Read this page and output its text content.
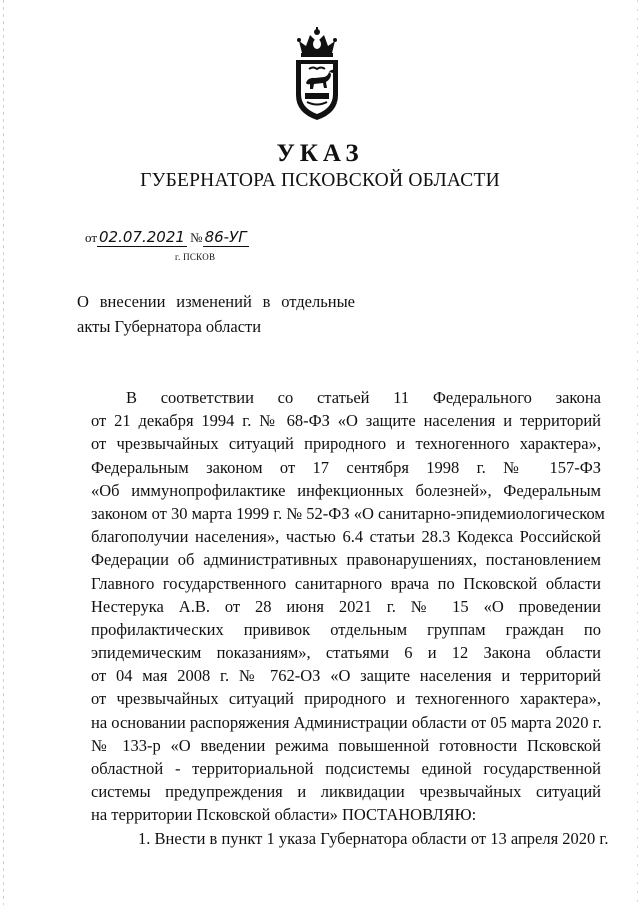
УКАЗ
ГУБЕРНАТОРА ПСКОВСКОЙ ОБЛАСТИ
от 02.07.2021 № 86-УГ
г. ПСКОВ
О внесении изменений в отдельные
акты Губернатора области
В соответствии со статьей 11 Федерального закона
от 21 декабря 1994 г. № 68-ФЗ «О защите населения и территорий
от чрезвычайных ситуаций природного и техногенного характера»,
Федеральным законом от 17 сентября 1998 г. № 157-ФЗ
«Об иммунопрофилактике инфекционных болезней», Федеральным
законом от 30 марта 1999 г. № 52-ФЗ «О санитарно-эпидемиологическом
благополучии населения», частью 6.4 статьи 28.3 Кодекса Российской
Федерации об административных правонарушениях, постановлением
Главного государственного санитарного врача по Псковской области
Нестерука А.В. от 28 июня 2021 г. № 15 «О проведении
профилактических прививок отдельным группам граждан по
эпидемическим показаниям», статьями 6 и 12 Закона области
от 04 мая 2008 г. № 762-ОЗ «О защите населения и территорий
от чрезвычайных ситуаций природного и техногенного характера»,
на основании распоряжения Администрации области от 05 марта 2020 г.
№ 133-р «О введении режима повышенной готовности Псковской
областной - территориальной подсистемы единой государственной
системы предупреждения и ликвидации чрезвычайных ситуаций
на территории Псковской области» ПОСТАНОВЛЯЮ:
1. Внести в пункт 1 указа Губернатора области от 13 апреля 2020 г.
